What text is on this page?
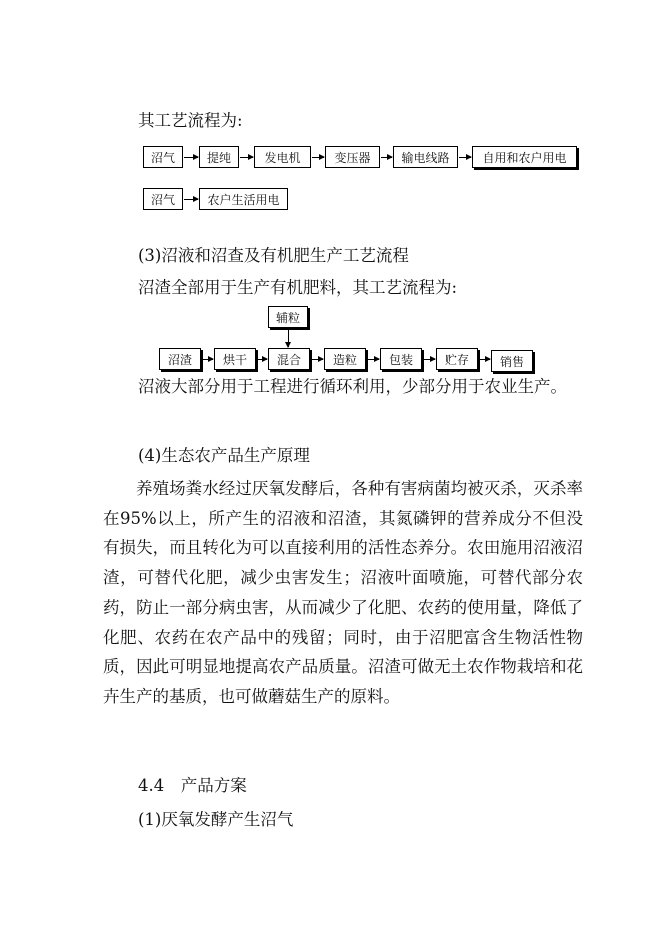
其工艺流程为:
沼气	提纯	发电机	变压器	输电线路	自用和农户用电
沼气	农户生活用电
(3)沼液和沼查及有机肥生产工艺流程
沼渣全部用于生产有机肥料，其工艺流程为:
辅粒
沼渣	烘干	混合	造粒	包装	贮存	销售
沼液大部分用于工程进行循环利用，少部分用于农业生产。
(4)生态农产品生产原理
养殖场粪水经过厌氧发酵后，各种有害病菌均被灭杀，灭杀率在95%以上，所产生的沼液和沼渣，其氮磷钾的营养成分不但没有损失，而且转化为可以直接利用的活性态养分。农田施用沼液沼渣，可替代化肥，减少虫害发生；沼液叶面喷施，可替代部分农药，防止一部分病虫害，从而减少了化肥、农药的使用量，降低了化肥、农药在农产品中的残留；同时，由于沼肥富含生物活性物质，因此可明显地提高农产品质量。沼渣可做无土农作物栽培和花卉生产的基质，也可做蘑菇生产的原料。
4.4　产品方案
(1)厌氧发酵产生沼气
